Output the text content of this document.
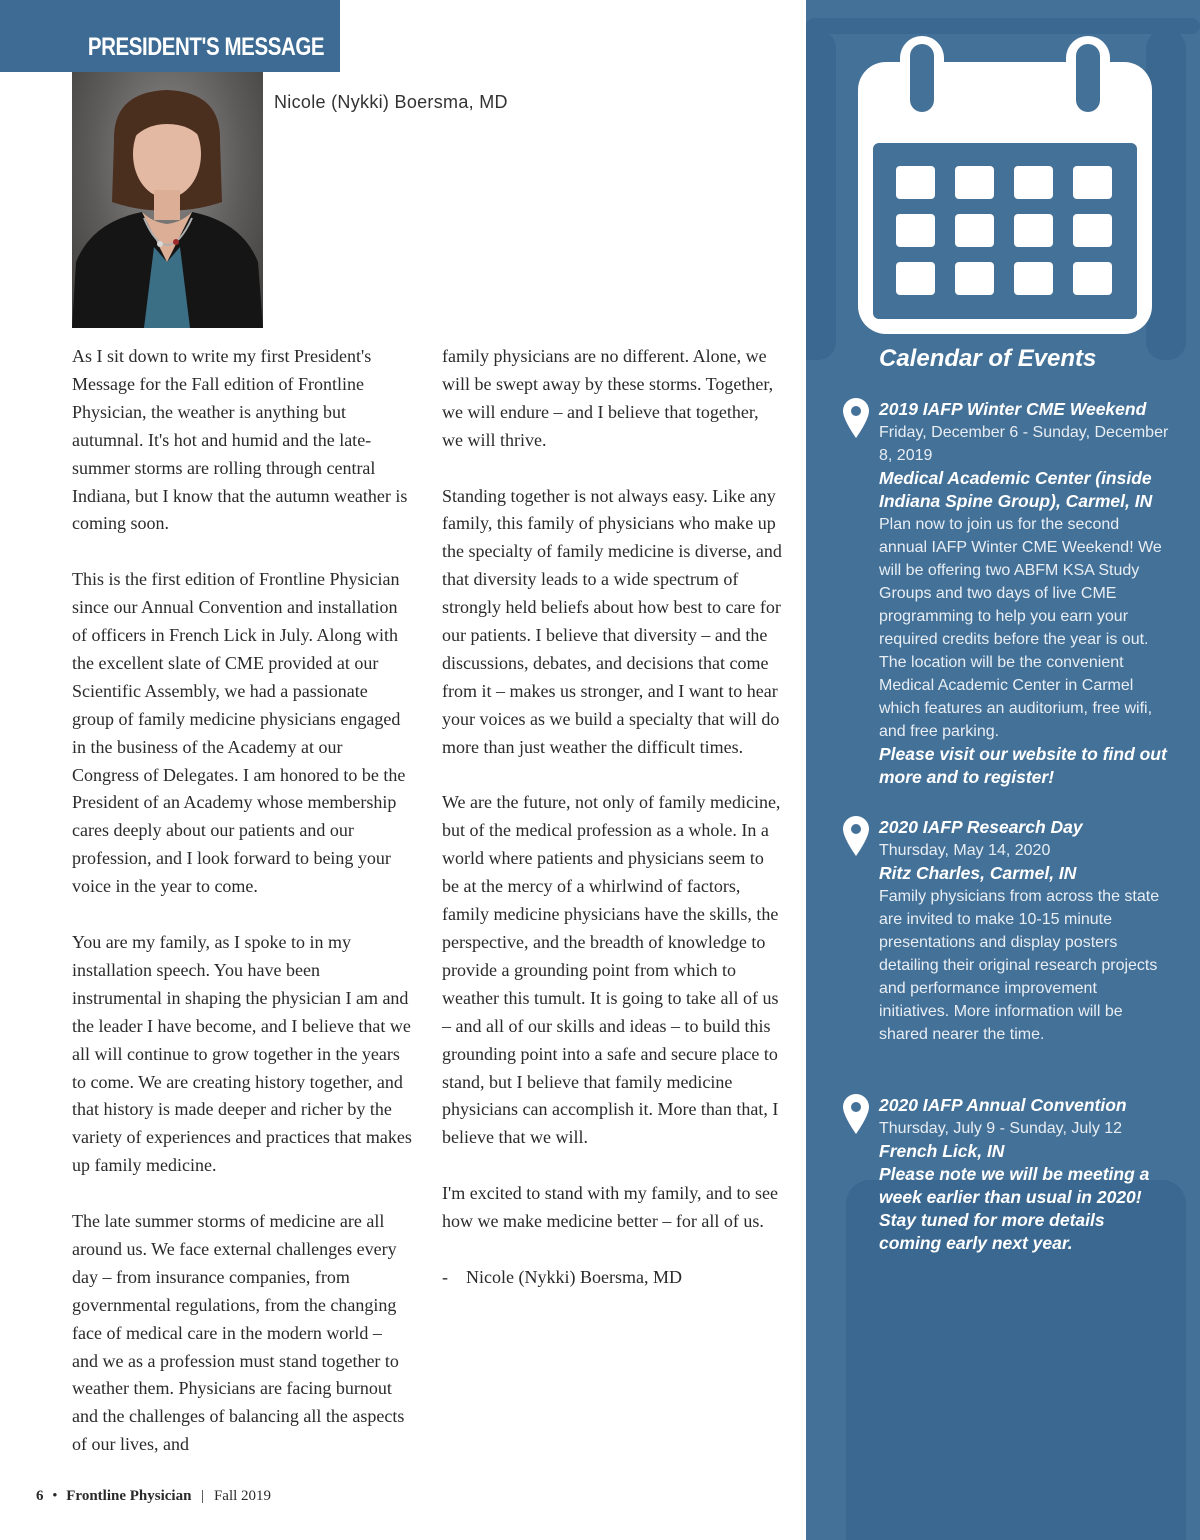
PRESIDENT'S MESSAGE
Nicole (Nykki) Boersma, MD

As I sit down to write my first President's Message for the Fall edition of Frontline Physician, the weather is anything but autumnal. It's hot and humid and the late-summer storms are rolling through central Indiana, but I know that the autumn weather is coming soon.

This is the first edition of Frontline Physician since our Annual Convention and installation of officers in French Lick in July. Along with the excellent slate of CME provided at our Scientific Assembly, we had a passionate group of family medicine physicians engaged in the business of the Academy at our Congress of Delegates. I am honored to be the President of an Academy whose membership cares deeply about our patients and our profession, and I look forward to being your voice in the year to come.

You are my family, as I spoke to in my installation speech. You have been instrumental in shaping the physician I am and the leader I have become, and I believe that we all will continue to grow together in the years to come. We are creating history together, and that history is made deeper and richer by the variety of experiences and practices that makes up family medicine.

The late summer storms of medicine are all around us. We face external challenges every day – from insurance companies, from governmental regulations, from the changing face of medical care in the modern world – and we as a profession must stand together to weather them. Physicians are facing burnout and the challenges of balancing all the aspects of our lives, and

family physicians are no different. Alone, we will be swept away by these storms. Together, we will endure – and I believe that together, we will thrive.

Standing together is not always easy. Like any family, this family of physicians who make up the specialty of family medicine is diverse, and that diversity leads to a wide spectrum of strongly held beliefs about how best to care for our patients. I believe that diversity – and the discussions, debates, and decisions that come from it – makes us stronger, and I want to hear your voices as we build a specialty that will do more than just weather the difficult times.

We are the future, not only of family medicine, but of the medical profession as a whole. In a world where patients and physicians seem to be at the mercy of a whirlwind of factors, family medicine physicians have the skills, the perspective, and the breadth of knowledge to provide a grounding point from which to weather this tumult. It is going to take all of us – and all of our skills and ideas – to build this grounding point into a safe and secure place to stand, but I believe that family medicine physicians can accomplish it. More than that, I believe that we will.

I'm excited to stand with my family, and to see how we make medicine better – for all of us.

-    Nicole (Nykki) Boersma, MD

6 • Frontline Physician | Fall 2019
Calendar of Events
2019 IAFP Winter CME Weekend
Friday, December 6 - Sunday, December 8, 2019
Medical Academic Center (inside Indiana Spine Group), Carmel, IN
Plan now to join us for the second annual IAFP Winter CME Weekend! We will be offering two ABFM KSA Study Groups and two days of live CME programming to help you earn your required credits before the year is out. The location will be the convenient Medical Academic Center in Carmel which features an auditorium, free wifi, and free parking.
Please visit our website to find out more and to register!
2020 IAFP Research Day
Thursday, May 14, 2020
Ritz Charles, Carmel, IN
Family physicians from across the state are invited to make 10-15 minute presentations and display posters detailing their original research projects and performance improvement initiatives. More information will be shared nearer the time.
2020 IAFP Annual Convention
Thursday, July 9 - Sunday, July 12
French Lick, IN
Please note we will be meeting a week earlier than usual in 2020! Stay tuned for more details coming early next year.
